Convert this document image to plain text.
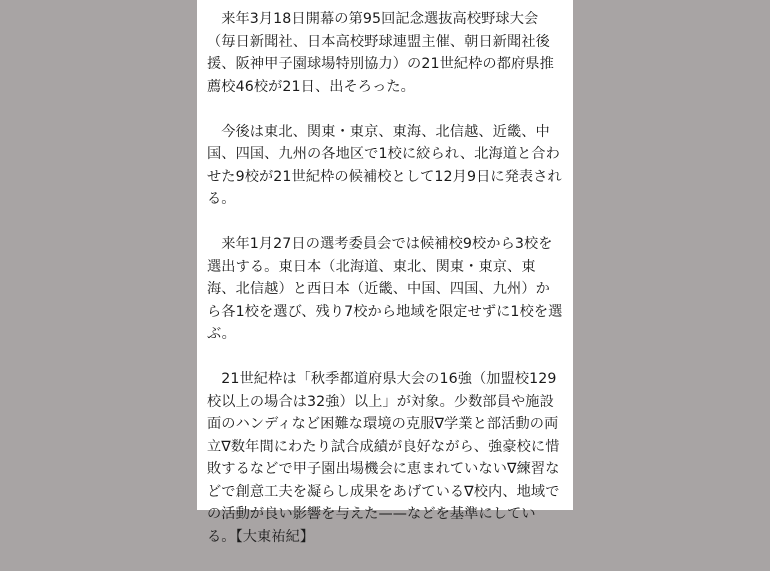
来年3月18日開幕の第95回記念選抜高校野球大会（毎日新聞社、日本高校野球連盟主催、朝日新聞社後援、阪神甲子園球場特別協力）の21世紀枠の都府県推薦校46校が21日、出そろった。

今後は東北、関東・東京、東海、北信越、近畿、中国、四国、九州の各地区で1校に絞られ、北海道と合わせた9校が21世紀枠の候補校として12月9日に発表される。

来年1月27日の選考委員会では候補校9校から3校を選出する。東日本（北海道、東北、関東・東京、東海、北信越）と西日本（近畿、中国、四国、九州）から各1校を選び、残り7校から地域を限定せずに1校を選ぶ。

21世紀枠は「秋季都道府県大会の16強（加盟校129校以上の場合は32強）以上」が対象。少数部員や施設面のハンディなど困難な環境の克服∇学業と部活動の両立∇数年間にわたり試合成績が良好ながら、強豪校に惜敗するなどで甲子園出場機会に恵まれていない∇練習などで創意工夫を凝らし成果をあげている∇校内、地域での活動が良い影響を与えた——などを基準にしている。【大東祐紀】
